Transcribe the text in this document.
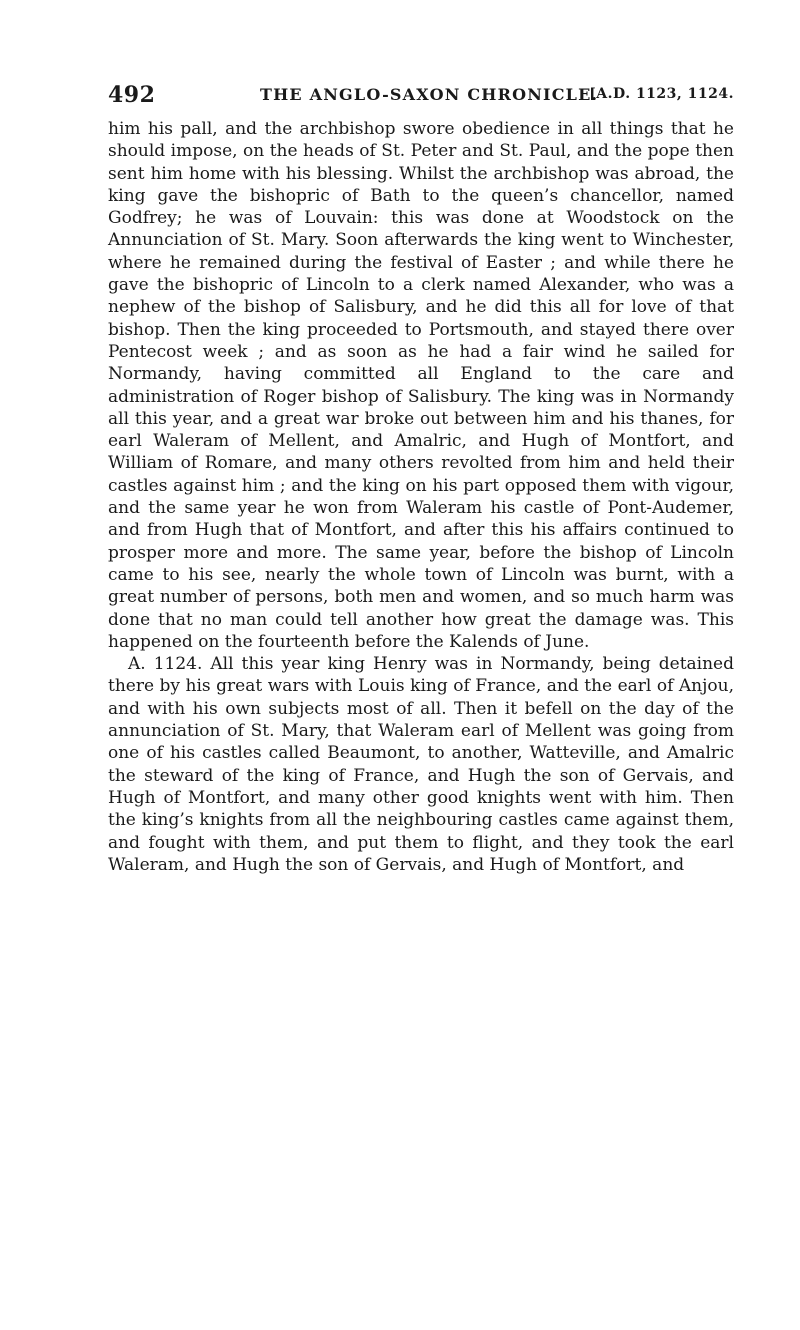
492	THE ANGLO-SAXON CHRONICLE.
[A.D. 1123, 1124.

him his pall, and the archbishop swore obedience in all things that he should impose, on the heads of St. Peter and St. Paul, and the pope then sent him home with his blessing. Whilst the archbishop was abroad, the king gave the bishopric of Bath to the queen’s chancellor, named Godfrey; he was of Louvain: this was done at Woodstock on the Annunciation of St. Mary. Soon afterwards the king went to Winchester, where he remained during the festival of Easter ; and while there he gave the bishopric of Lincoln to a clerk named Alexander, who was a nephew of the bishop of Salisbury, and he did this all for love of that bishop. Then the king proceeded to Portsmouth, and stayed there over Pentecost week ; and as soon as he had a fair wind he sailed for Normandy, having committed all England to the care and administration of Roger bishop of Salisbury. The king was in Normandy all this year, and a great war broke out between him and his thanes, for earl Waleram of Mellent, and Amalric, and Hugh of Montfort, and William of Romare, and many others revolted from him and held their castles against him ; and the king on his part opposed them with vigour, and the same year he won from Waleram his castle of Pont-Audemer, and from Hugh that of Montfort, and after this his affairs continued to prosper more and more. The same year, before the bishop of Lincoln came to his see, nearly the whole town of Lincoln was burnt, with a great number of persons, both men and women, and so much harm was done that no man could tell another how great the damage was. This happened on the fourteenth before the Kalends of June.

A. 1124. All this year king Henry was in Normandy, being detained there by his great wars with Louis king of France, and the earl of Anjou, and with his own subjects most of all. Then it befell on the day of the annunciation of St. Mary, that Waleram earl of Mellent was going from one of his castles called Beaumont, to another, Watteville, and Amalric the steward of the king of France, and Hugh the son of Gervais, and Hugh of Montfort, and many other good knights went with him. Then the king’s knights from all the neighbouring castles came against them, and fought with them, and put them to flight, and they took the earl Waleram, and Hugh the son of Gervais, and Hugh of Montfort, and
